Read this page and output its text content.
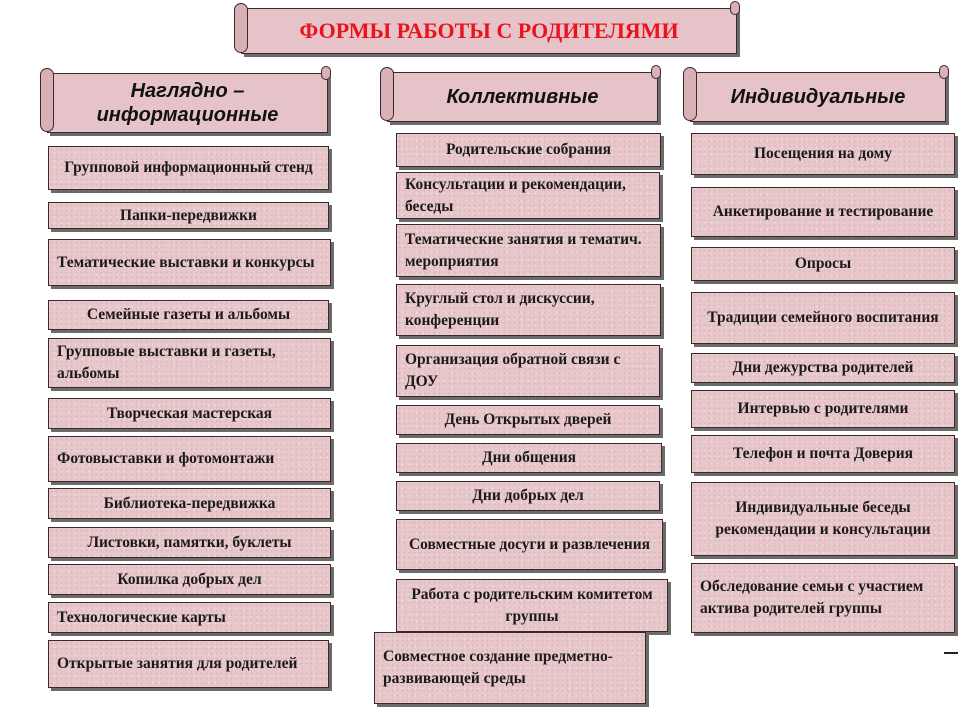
ФОРМЫ РАБОТЫ С РОДИТЕЛЯМИ
Наглядно –
информационные
Коллективные	Индивидуальные
Групповой информационный стенд
Папки-передвижки
Тематические выставки и конкурсы
Семейные газеты и альбомы
Групповые выставки и газеты, альбомы
Творческая мастерская
Фотовыставки и фотомонтажи
Библиотека-передвижка
Листовки, памятки, буклеты
Копилка добрых дел
Технологические карты
Открытые занятия для родителей
Родительские собрания
Консультации и рекомендации, беседы
Тематические занятия и тематич. мероприятия
Круглый стол и дискуссии, конференции
Организация обратной связи с ДОУ
День Открытых дверей
Дни общения
Дни добрых дел
Совместные досуги и развлечения
Работа с родительским комитетом группы
Совместное создание предметно-развивающей среды
Посещения на дому
Анкетирование и тестирование
Опросы
Традиции семейного воспитания
Дни дежурства родителей
Интервью с родителями
Телефон и почта Доверия
Индивидуальные беседы рекомендации и консультации
Обследование семьи с участием актива родителей группы
